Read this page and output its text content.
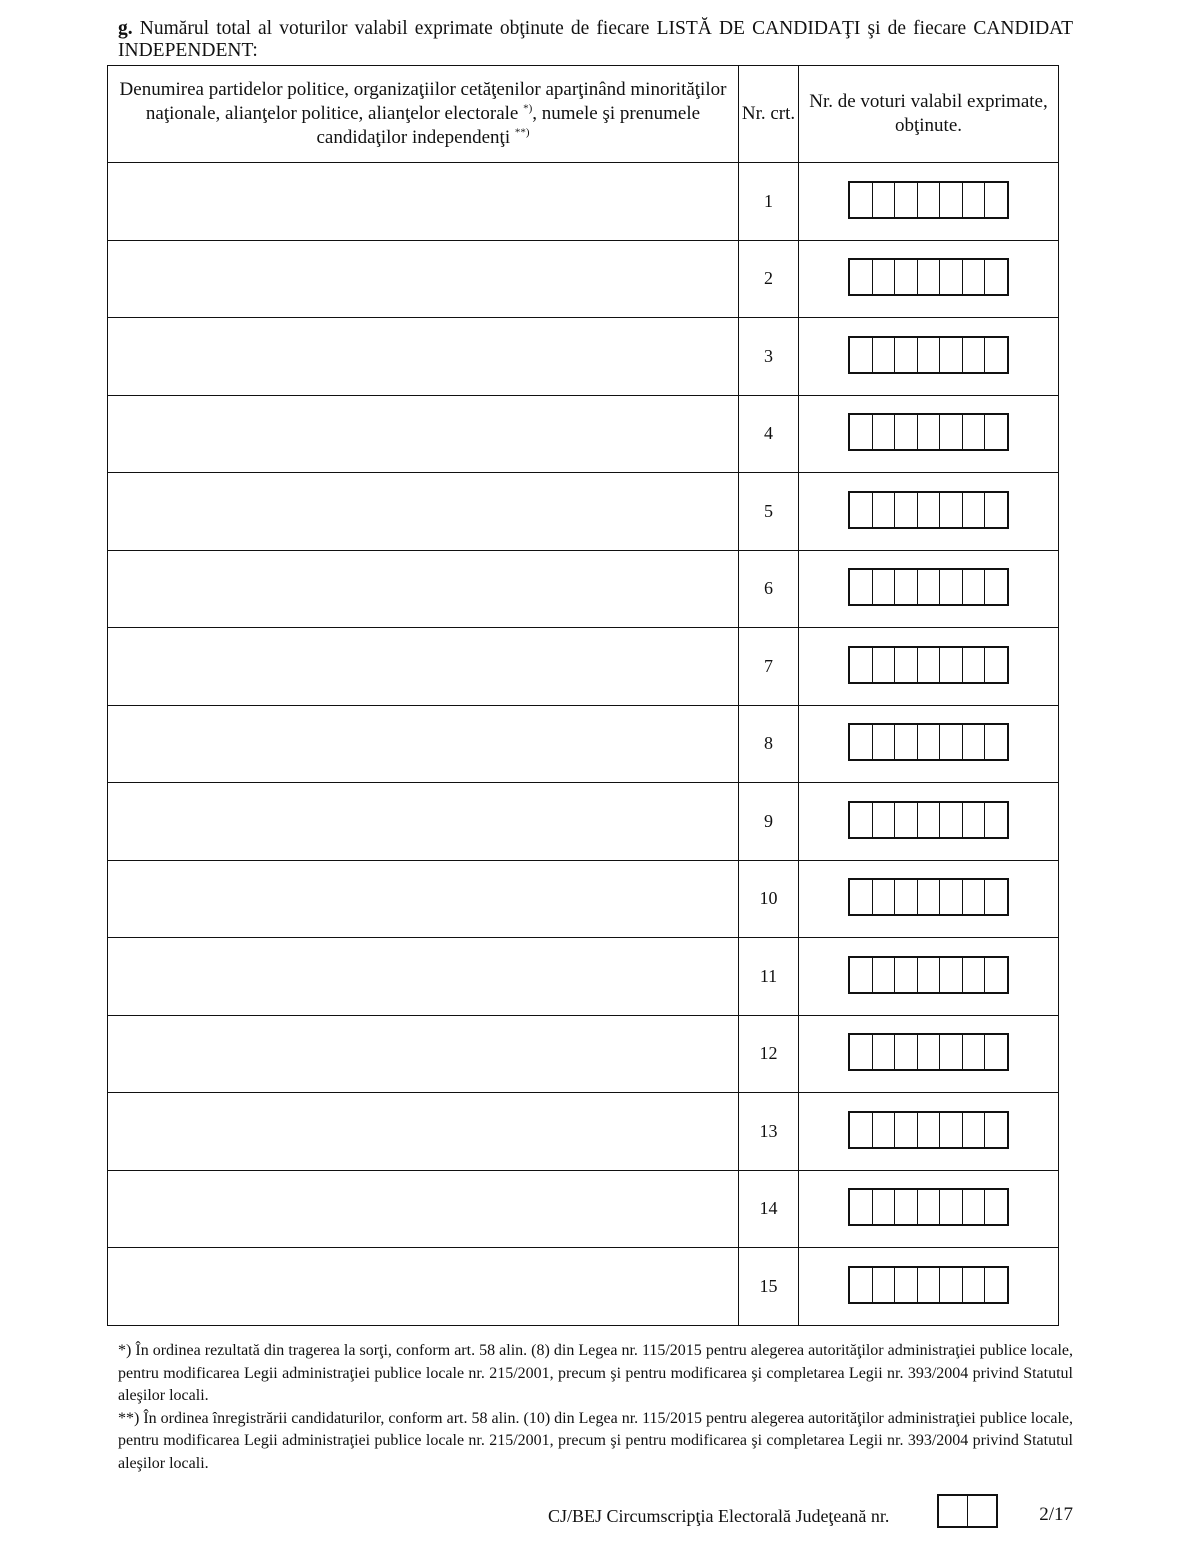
g. Numărul total al voturilor valabil exprimate obţinute de fiecare LISTĂ DE CANDIDAŢI şi de fiecare CANDIDAT INDEPENDENT:
Denumirea partidelor politice, organizaţiilor cetăţenilor aparţinând minorităţilor naţionale, alianţelor politice, alianţelor electorale *), numele şi prenumele candidaţilor independenţi **)	Nr. crt.	Nr. de voturi valabil exprimate, obţinute.
	1	

	2	

	3	

	4	

	5	

	6	

	7	

	8	

	9	

	10	

	11	

	12	

	13	

	14	

	15	

*) În ordinea rezultată din tragerea la sorţi, conform art. 58 alin. (8) din Legea nr. 115/2015 pentru alegerea autorităţilor administraţiei publice locale, pentru modificarea Legii administraţiei publice locale nr. 215/2001, precum şi pentru modificarea şi completarea Legii nr. 393/2004 privind Statutul aleşilor locali.

**) În ordinea înregistrării candidaturilor, conform art. 58 alin. (10) din Legea nr. 115/2015 pentru alegerea autorităţilor administraţiei publice locale, pentru modificarea Legii administraţiei publice locale nr. 215/2001, precum şi pentru modificarea şi completarea Legii nr. 393/2004 privind Statutul aleşilor locali.

CJ/BEJ Circumscripţia Electorală Judeţeană nr.	2/17
